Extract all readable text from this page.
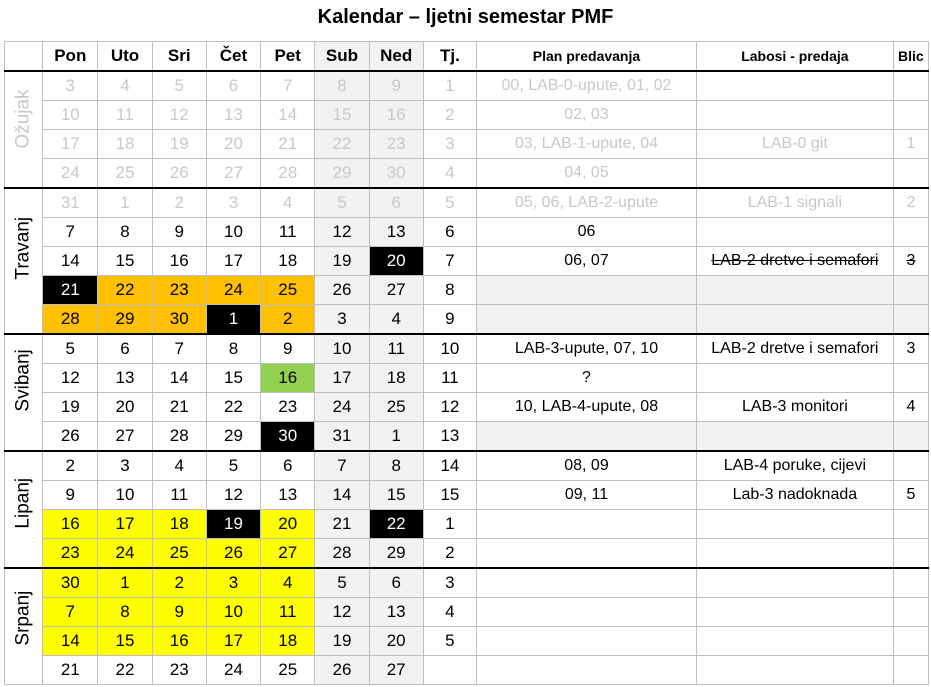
Kalendar – ljetni semestar PMF
	Pon	Uto	Sri	Čet	Pet	Sub	Ned	Tj.	Plan predavanja	Labosi - predaja	Blic

Ožujak	3	4	5	6	7	8	9	1	00, LAB-0-upute, 01, 02		
	10	11	12	13	14	15	16	2	02, 03		
	17	18	19	20	21	22	23	3	03, LAB-1-upute, 04	LAB-0 git	1
	24	25	26	27	28	29	30	4	04, 05		

Travanj	31	1	2	3	4	5	6	5	05, 06, LAB-2-upute	LAB-1 signali	2
	7	8	9	10	11	12	13	6	06		
	14	15	16	17	18	19	20	7	06, 07	LAB-2 dretve i semafori	3
	21	22	23	24	25	26	27	8			
	28	29	30	1	2	3	4	9			

Svibanj	5	6	7	8	9	10	11	10	LAB-3-upute, 07, 10	LAB-2 dretve i semafori	3
	12	13	14	15	16	17	18	11	?		
	19	20	21	22	23	24	25	12	10, LAB-4-upute, 08	LAB-3 monitori	4
	26	27	28	29	30	31	1	13			

Lipanj	2	3	4	5	6	7	8	14	08, 09	LAB-4 poruke, cijevi	
	9	10	11	12	13	14	15	15	09, 11	Lab-3 nadoknada	5
	16	17	18	19	20	21	22	1			
	23	24	25	26	27	28	29	2			

Srpanj	30	1	2	3	4	5	6	3			
	7	8	9	10	11	12	13	4			
	14	15	16	17	18	19	20	5			
	21	22	23	24	25	26	27				
